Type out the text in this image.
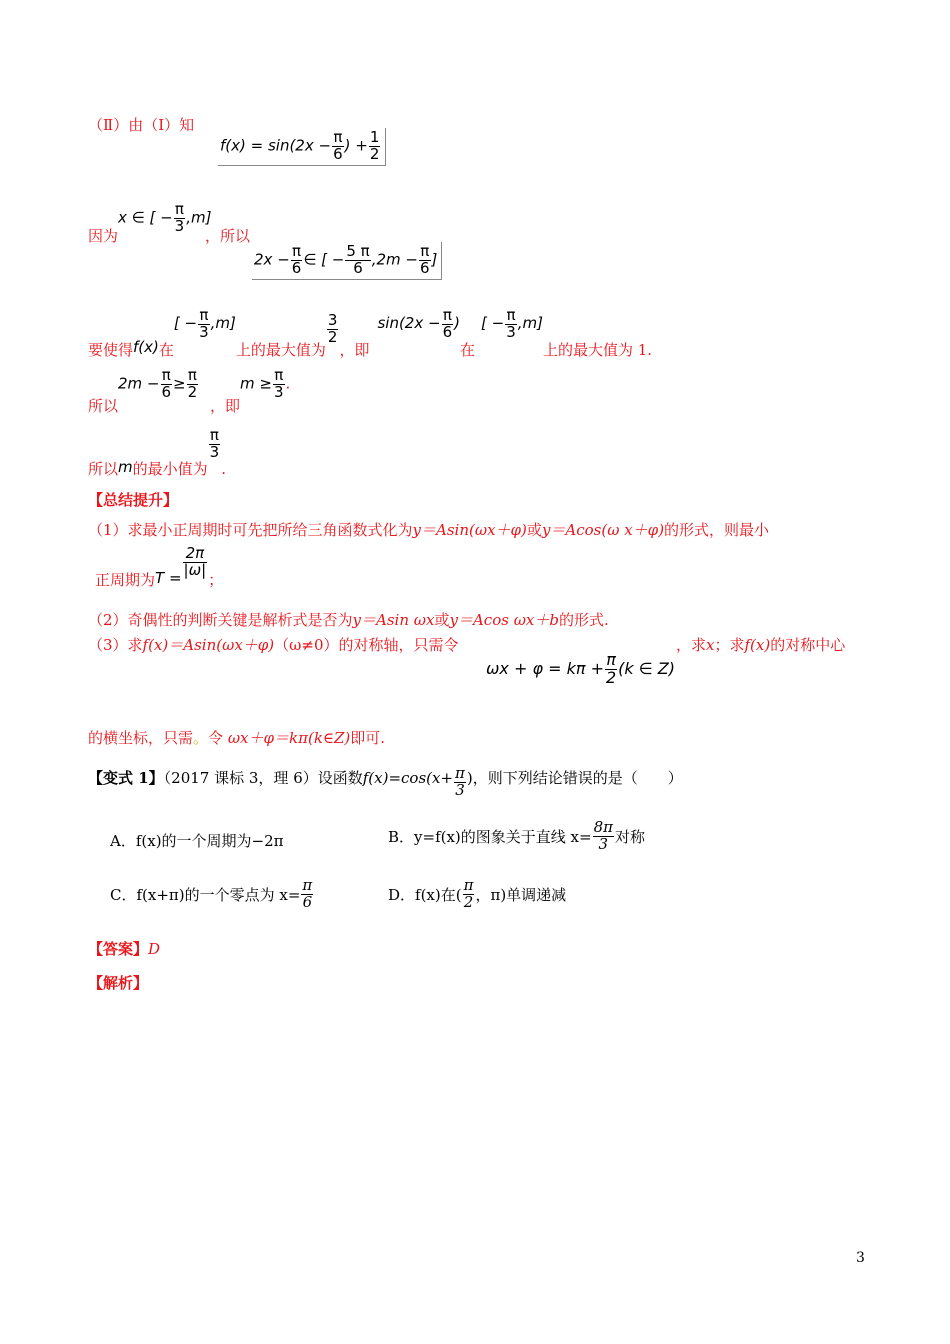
（Ⅱ）由（Ⅰ）知
$f(x) = \sin(2x - \frac{\pi}{6}$ ) + $\frac{1}{2}$
因为
x ∈ [ − $\frac{\pi}{3} ,m$]
，所以
$2x - \frac{\pi}{6}$ ∈ [ − $\frac{5 \pi}{6} ,2m - \frac{\pi}{6}$ ]
要使得f(x)在[ − $\frac{\pi}{3} ,m$]上的最大值为
$\frac{3}{2}$
，即$\sin(2x - \frac{\pi}{6}$ )在[ − $\frac{\pi}{3} ,m$]上的最大值为 1.
所以
$2m - \frac{\pi}{6} \ge \frac{\pi}{2}$
，即
$m \ge \frac{\pi}{3}$ .
所以m的最小值为
$\frac{\pi}{3}$
.
【总结提升】
（1）求最小正周期时可先把所给三角函数式化为y＝Asin(ωx＋φ)或y＝Acos(ω x＋φ)的形式，则最小
正周期为$T = \frac{2\pi}{|\omega|}$
；
（2）奇偶性的判断关键是解析式是否为y＝Asin ωx或y＝Acos ωx＋b的形式.
（3）求f(x)＝Asin(ωx＋φ)（ω≠0）的对称轴，只需令	，求x；求f(x)的对称中心
$\omega x + \varphi = k\pi + \frac{\pi}{2} (k$ ∈ Z)
的横坐标，只需。令 ωx＋φ＝kπ(k∈Z)即可.
【变式 1】（2017 课标 3，理 6）设函数$f(x)=\cos(x+ \frac{\pi}{3}$ )，则下列结论错误的是（　　）
A．f(x)的一个周期为−2π	B．y=f(x)的图象关于直线 $x= \frac{8\pi}{3}$ 对称
C．f(x+π)的一个零点为 $x= \frac{\pi}{6}$	D．f(x)在( $\frac{\pi}{2}$ ，π)单调递减
【答案】D
【解析】
3
